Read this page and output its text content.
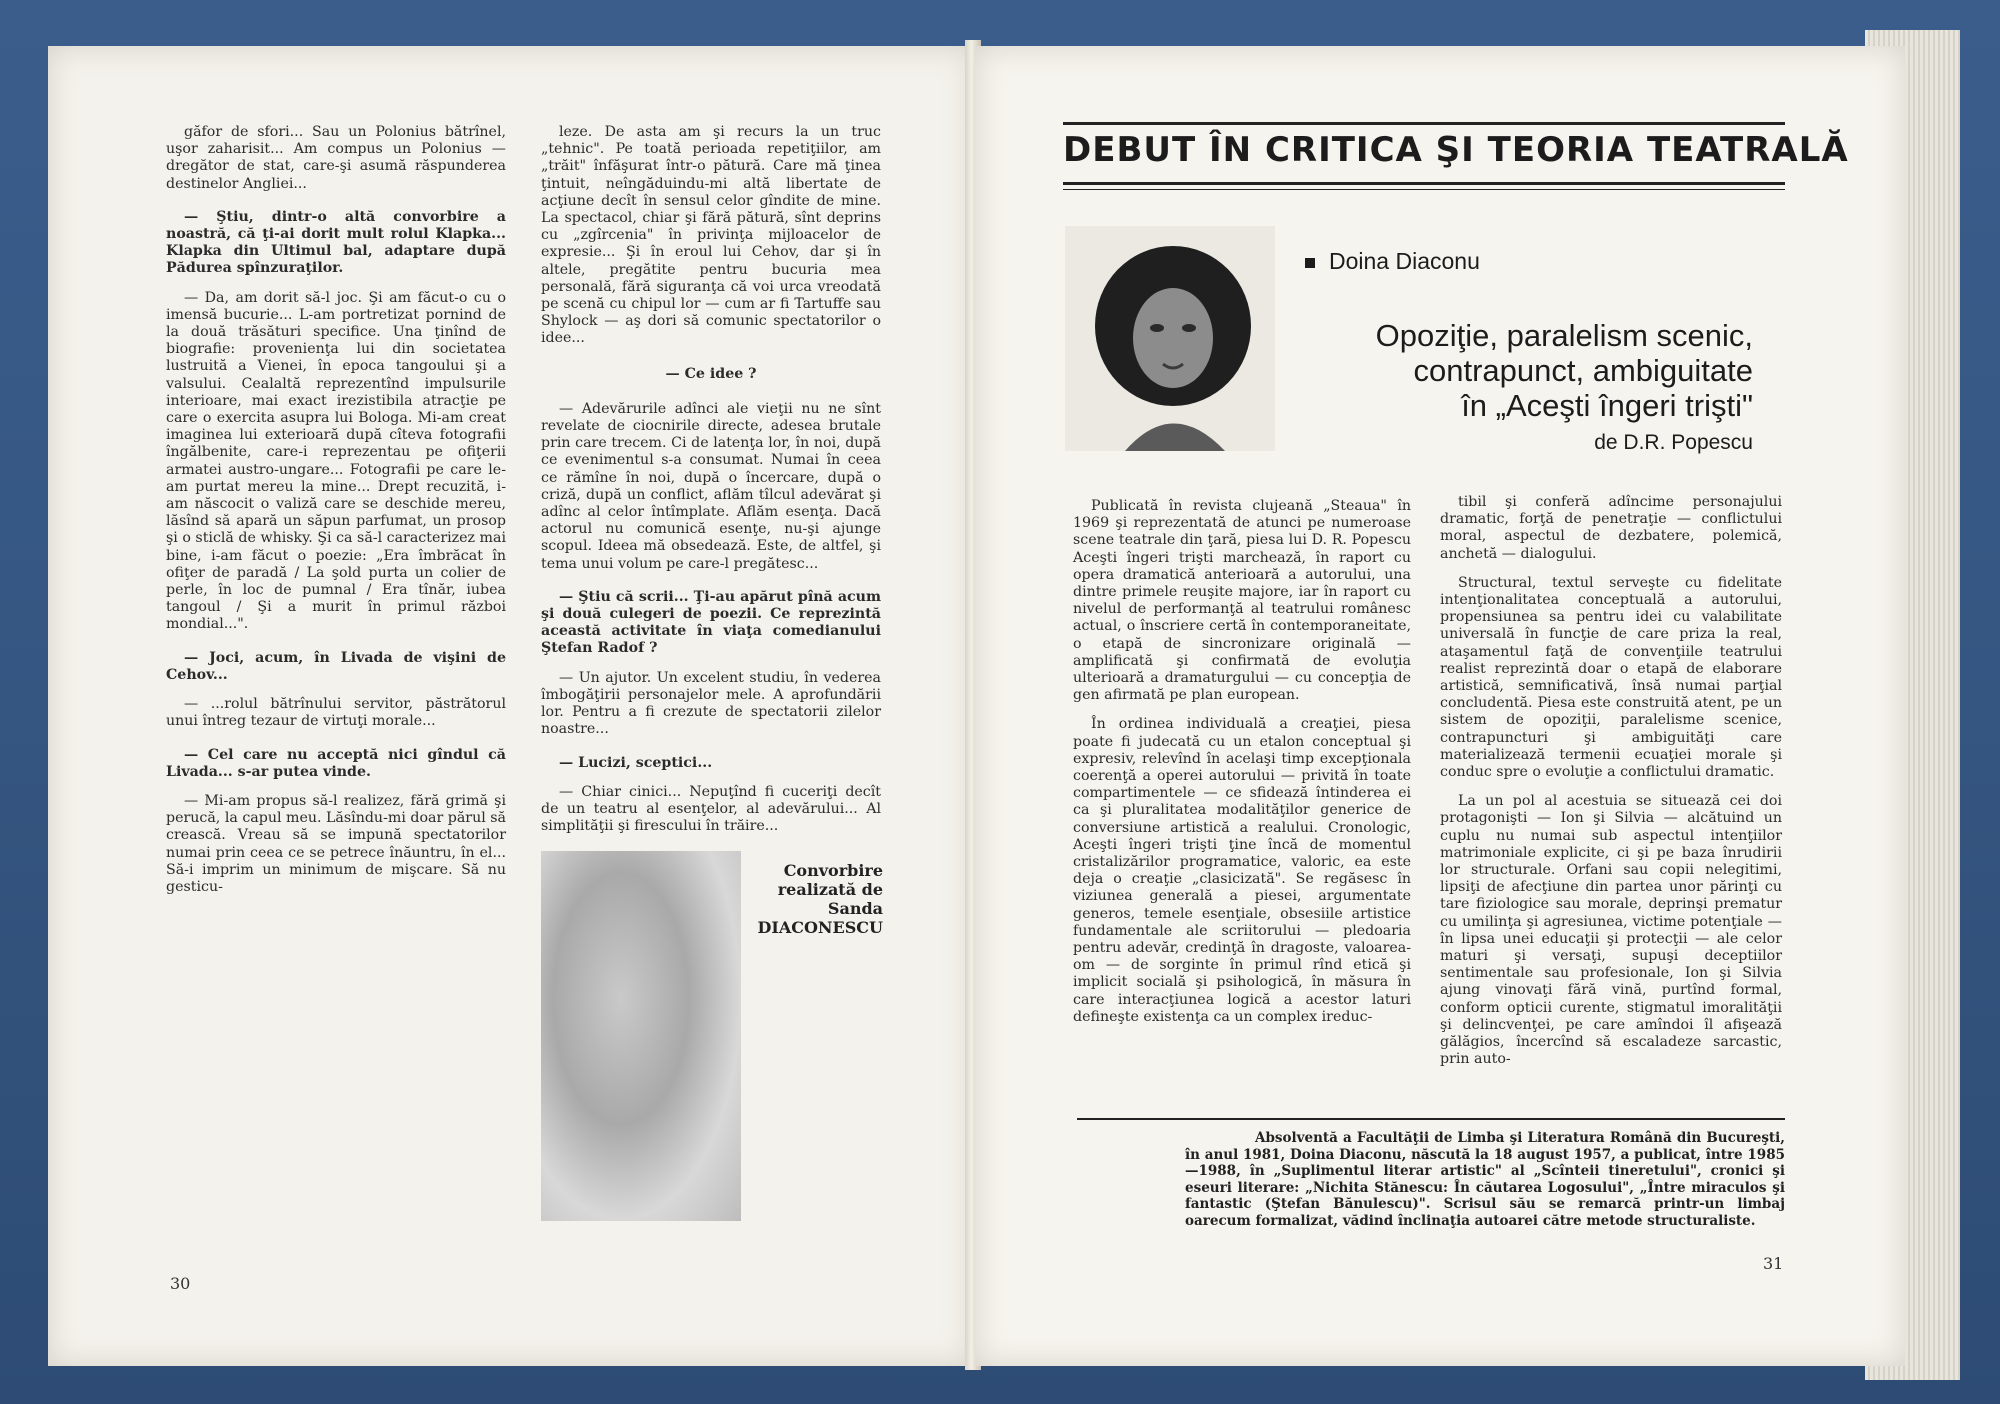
găfor de sfori... Sau un Polonius bătrînel, uşor zaharisit... Am compus un Polonius — dregător de stat, care-şi asumă răspunderea destinelor Angliei...

— Ştiu, dintr-o altă convorbire a noastră, că ţi-ai dorit mult rolul Klapka... Klapka din Ultimul bal, adaptare după Pădurea spînzuraţilor.

— Da, am dorit să-l joc. Şi am făcut-o cu o imensă bucurie... L-am portretizat pornind de la două trăsături specifice. Una ţinînd de biografie: provenienţa lui din societatea lustruită a Vienei, în epoca tangoului şi a valsului. Cealaltă reprezentînd impulsurile interioare, mai exact irezistibila atracţie pe care o exercita asupra lui Bologa. Mi-am creat imaginea lui exterioară după cîteva fotografii îngălbenite, care-i reprezentau pe ofiţerii armatei austro-ungare... Fotografii pe care le-am purtat mereu la mine... Drept recuzită, i-am născocit o valiză care se deschide mereu, lăsînd să apară un săpun parfumat, un prosop şi o sticlă de whisky. Şi ca să-l caracterizez mai bine, i-am făcut o poezie: „Era îmbrăcat în ofiţer de paradă / La şold purta un colier de perle, în loc de pumnal / Era tînăr, iubea tangoul / Şi a murit în primul război mondial...".

— Joci, acum, în Livada de vişini de Cehov...

— ...rolul bătrînului servitor, păstrătorul unui întreg tezaur de virtuţi morale...

— Cel care nu acceptă nici gîndul că Livada... s-ar putea vinde.

— Mi-am propus să-l realizez, fără grimă şi perucă, la capul meu. Lăsîndu-mi doar părul să crească. Vreau să se impună spectatorilor numai prin ceea ce se petrece înăuntru, în el... Să-i imprim un minimum de mişcare. Să nu gesticu-

leze. De asta am şi recurs la un truc „tehnic". Pe toată perioada repetiţiilor, am „trăit" înfăşurat într-o pătură. Care mă ţinea ţintuit, neîngăduindu-mi altă libertate de acţiune decît în sensul celor gîndite de mine. La spectacol, chiar şi fără pătură, sînt deprins cu „zgîrcenia" în privinţa mijloacelor de expresie... Şi în eroul lui Cehov, dar şi în altele, pregătite pentru bucuria mea personală, fără siguranţa că voi urca vreodată pe scenă cu chipul lor — cum ar fi Tartuffe sau Shylock — aş dori să comunic spectatorilor o idee...

— Ce idee ?

— Adevărurile adînci ale vieţii nu ne sînt revelate de ciocnirile directe, adesea brutale prin care trecem. Ci de latenţa lor, în noi, după ce evenimentul s-a consumat. Numai în ceea ce rămîne în noi, după o încercare, după o criză, după un conflict, aflăm tîlcul adevărat şi adînc al celor întîmplate. Aflăm esenţa. Dacă actorul nu comunică esenţe, nu-şi ajunge scopul. Ideea mă obsedează. Este, de altfel, şi tema unui volum pe care-l pregătesc...

— Ştiu că scrii... Ţi-au apărut pînă acum şi două culegeri de poezii. Ce reprezintă această activitate în viaţa comedianului Ştefan Radof ?

— Un ajutor. Un excelent studiu, în vederea îmbogăţirii personajelor mele. A aprofundării lor. Pentru a fi crezute de spectatorii zilelor noastre...

— Lucizi, sceptici...

— Chiar cinici... Nepuţînd fi cuceriţi decît de un teatru al esenţelor, al adevărului... Al simplităţii şi firescului în trăire...

Convorbire realizată de Sanda DIACONESCU
30
DEBUT ÎN CRITICA ŞI TEORIA TEATRALĂ
Doina Diaconu
Opoziţie, paralelism scenic,
contrapunct, ambiguitate
în „Aceşti îngeri trişti"
de D.R. Popescu

Publicată în revista clujeană „Steaua" în 1969 şi reprezentată de atunci pe numeroase scene teatrale din ţară, piesa lui D. R. Popescu Aceşti îngeri trişti marchează, în raport cu opera dramatică anterioară a autorului, una dintre primele reuşite majore, iar în raport cu nivelul de performanţă al teatrului românesc actual, o înscriere certă în contemporaneitate, o etapă de sincronizare originală — amplificată şi confirmată de evoluţia ulterioară a dramaturgului — cu concepţia de gen afirmată pe plan european.

În ordinea individuală a creaţiei, piesa poate fi judecată cu un etalon conceptual şi expresiv, relevînd în acelaşi timp excepţionala coerenţă a operei autorului — privită în toate compartimentele — ce sfidează întinderea ei ca şi pluralitatea modalităţilor generice de conversiune artistică a realului. Cronologic, Aceşti îngeri trişti ţine încă de momentul cristalizărilor programatice, valoric, ea este deja o creaţie „clasicizată". Se regăsesc în viziunea generală a piesei, argumentate generos, temele esenţiale, obsesiile artistice fundamentale ale scriitorului — pledoaria pentru adevăr, credinţă în dragoste, valoarea-om — de sorginte în primul rînd etică şi implicit socială şi psihologică, în măsura în care interacţiunea logică a acestor laturi defineşte existenţa ca un complex ireduc-

tibil şi conferă adîncime personajului dramatic, forţă de penetraţie — conflictului moral, aspectul de dezbatere, polemică, anchetă — dialogului.

Structural, textul serveşte cu fidelitate intenţionalitatea conceptuală a autorului, propensiunea sa pentru idei cu valabilitate universală în funcţie de care priza la real, ataşamentul faţă de convenţiile teatrului realist reprezintă doar o etapă de elaborare artistică, semnificativă, însă numai parţial concludentă. Piesa este construită atent, pe un sistem de opoziţii, paralelisme scenice, contrapuncturi şi ambiguităţi care materializează termenii ecuaţiei morale şi conduc spre o evoluţie a conflictului dramatic.

La un pol al acestuia se situează cei doi protagonişti — Ion şi Silvia — alcătuind un cuplu nu numai sub aspectul intenţiilor matrimoniale explicite, ci şi pe baza înrudirii lor structurale. Orfani sau copii nelegitimi, lipsiţi de afecţiune din partea unor părinţi cu tare fiziologice sau morale, deprinşi prematur cu umilinţa şi agresiunea, victime potenţiale — în lipsa unei educaţii şi protecţii — ale celor maturi şi versaţi, supuşi deceptiilor sentimentale sau profesionale, Ion şi Silvia ajung vinovaţi fără vină, purtînd formal, conform opticii curente, stigmatul imoralităţii şi delincvenţei, pe care amîndoi îl afişează gălăgios, încercînd să escaladeze sarcastic, prin auto-

Absolventă a Facultăţii de Limba şi Literatura Română din Bucureşti, în anul 1981, Doina Diaconu, născută la 18 august 1957, a publicat, între 1985—1988, în „Suplimentul literar artistic" al „Scînteii tineretului", cronici şi eseuri literare: „Nichita Stănescu: În căutarea Logosului", „Între miraculos şi fantastic (Ştefan Bănulescu)". Scrisul său se remarcă printr-un limbaj oarecum formalizat, vădind înclinaţia autoarei către metode structuraliste.
31
